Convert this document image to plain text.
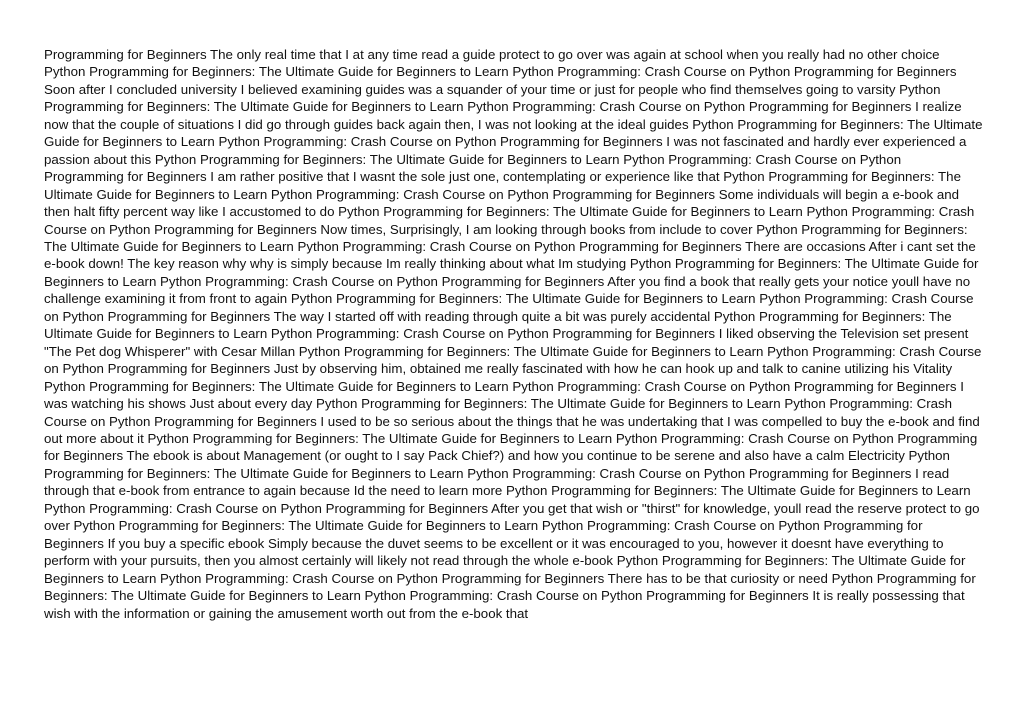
Programming for Beginners The only real time that I at any time read a guide protect to go over was again at school when you really had no other choice Python Programming for Beginners: The Ultimate Guide for Beginners to Learn Python Programming: Crash Course on Python Programming for Beginners Soon after I concluded university I believed examining guides was a squander of your time or just for people who find themselves going to varsity Python Programming for Beginners: The Ultimate Guide for Beginners to Learn Python Programming: Crash Course on Python Programming for Beginners I realize now that the couple of situations I did go through guides back again then, I was not looking at the ideal guides Python Programming for Beginners: The Ultimate Guide for Beginners to Learn Python Programming: Crash Course on Python Programming for Beginners I was not fascinated and hardly ever experienced a passion about this Python Programming for Beginners: The Ultimate Guide for Beginners to Learn Python Programming: Crash Course on Python Programming for Beginners I am rather positive that I wasnt the sole just one, contemplating or experience like that Python Programming for Beginners: The Ultimate Guide for Beginners to Learn Python Programming: Crash Course on Python Programming for Beginners Some individuals will begin a e-book and then halt fifty percent way like I accustomed to do Python Programming for Beginners: The Ultimate Guide for Beginners to Learn Python Programming: Crash Course on Python Programming for Beginners Now times, Surprisingly, I am looking through books from include to cover Python Programming for Beginners: The Ultimate Guide for Beginners to Learn Python Programming: Crash Course on Python Programming for Beginners There are occasions After i cant set the e-book down! The key reason why why is simply because Im really thinking about what Im studying Python Programming for Beginners: The Ultimate Guide for Beginners to Learn Python Programming: Crash Course on Python Programming for Beginners After you find a book that really gets your notice youll have no challenge examining it from front to again Python Programming for Beginners: The Ultimate Guide for Beginners to Learn Python Programming: Crash Course on Python Programming for Beginners The way I started off with reading through quite a bit was purely accidental Python Programming for Beginners: The Ultimate Guide for Beginners to Learn Python Programming: Crash Course on Python Programming for Beginners I liked observing the Television set present "The Pet dog Whisperer" with Cesar Millan Python Programming for Beginners: The Ultimate Guide for Beginners to Learn Python Programming: Crash Course on Python Programming for Beginners Just by observing him, obtained me really fascinated with how he can hook up and talk to canine utilizing his Vitality Python Programming for Beginners: The Ultimate Guide for Beginners to Learn Python Programming: Crash Course on Python Programming for Beginners I was watching his shows Just about every day Python Programming for Beginners: The Ultimate Guide for Beginners to Learn Python Programming: Crash Course on Python Programming for Beginners I used to be so serious about the things that he was undertaking that I was compelled to buy the e-book and find out more about it Python Programming for Beginners: The Ultimate Guide for Beginners to Learn Python Programming: Crash Course on Python Programming for Beginners The ebook is about Management (or ought to I say Pack Chief?) and how you continue to be serene and also have a calm Electricity Python Programming for Beginners: The Ultimate Guide for Beginners to Learn Python Programming: Crash Course on Python Programming for Beginners I read through that e-book from entrance to again because Id the need to learn more Python Programming for Beginners: The Ultimate Guide for Beginners to Learn Python Programming: Crash Course on Python Programming for Beginners After you get that wish or "thirst" for knowledge, youll read the reserve protect to go over Python Programming for Beginners: The Ultimate Guide for Beginners to Learn Python Programming: Crash Course on Python Programming for Beginners If you buy a specific ebook Simply because the duvet seems to be excellent or it was encouraged to you, however it doesnt have everything to perform with your pursuits, then you almost certainly will likely not read through the whole e-book Python Programming for Beginners: The Ultimate Guide for Beginners to Learn Python Programming: Crash Course on Python Programming for Beginners There has to be that curiosity or need Python Programming for Beginners: The Ultimate Guide for Beginners to Learn Python Programming: Crash Course on Python Programming for Beginners It is really possessing that wish with the information or gaining the amusement worth out from the e-book that
